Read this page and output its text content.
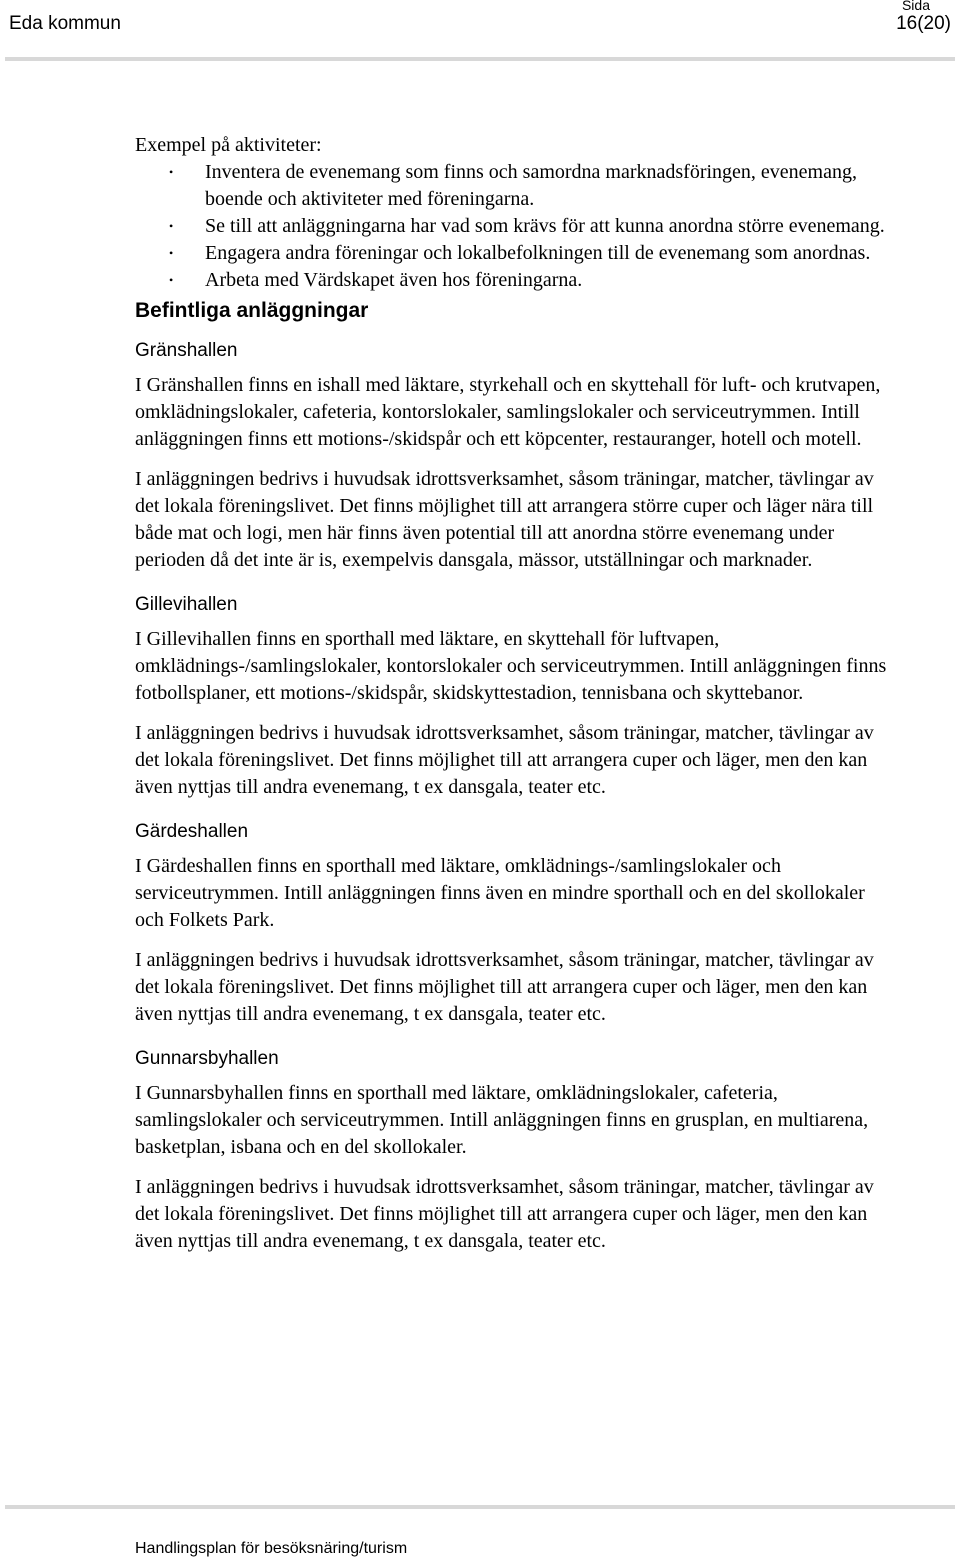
Eda kommun
Sida
16(20)

Exempel på aktiviteter:

• Inventera de evenemang som finns och samordna marknadsföringen, evenemang, boende och aktiviteter med föreningarna.
• Se till att anläggningarna har vad som krävs för att kunna anordna större evenemang.
• Engagera andra föreningar och lokalbefolkningen till de evenemang som anordnas.
• Arbeta med Värdskapet även hos föreningarna.
Befintliga anläggningar
Gränshallen

I Gränshallen finns en ishall med läktare, styrkehall och en skyttehall för luft- och krutvapen, omklädningslokaler, cafeteria, kontorslokaler, samlingslokaler och serviceutrymmen. Intill anläggningen finns ett motions-/skidspår och ett köpcenter, restauranger, hotell och motell.

I anläggningen bedrivs i huvudsak idrottsverksamhet, såsom träningar, matcher, tävlingar av det lokala föreningslivet. Det finns möjlighet till att arrangera större cuper och läger nära till både mat och logi, men här finns även potential till att anordna större evenemang under perioden då det inte är is, exempelvis dansgala, mässor, utställningar och marknader.

Gillevihallen

I Gillevihallen finns en sporthall med läktare, en skyttehall för luftvapen, omklädnings-/samlingslokaler, kontorslokaler och serviceutrymmen. Intill anläggningen finns fotbollsplaner, ett motions-/skidspår, skidskyttestadion, tennisbana och skyttebanor.

I anläggningen bedrivs i huvudsak idrottsverksamhet, såsom träningar, matcher, tävlingar av det lokala föreningslivet. Det finns möjlighet till att arrangera cuper och läger, men den kan även nyttjas till andra evenemang, t ex dansgala, teater etc.

Gärdeshallen

I Gärdeshallen finns en sporthall med läktare, omklädnings-/samlingslokaler och serviceutrymmen. Intill anläggningen finns även en mindre sporthall och en del skollokaler och Folkets Park.

I anläggningen bedrivs i huvudsak idrottsverksamhet, såsom träningar, matcher, tävlingar av det lokala föreningslivet. Det finns möjlighet till att arrangera cuper och läger, men den kan även nyttjas till andra evenemang, t ex dansgala, teater etc.

Gunnarsbyhallen

I Gunnarsbyhallen finns en sporthall med läktare, omklädningslokaler, cafeteria, samlingslokaler och serviceutrymmen. Intill anläggningen finns en grusplan, en multiarena, basketplan, isbana och en del skollokaler.

I anläggningen bedrivs i huvudsak idrottsverksamhet, såsom träningar, matcher, tävlingar av det lokala föreningslivet. Det finns möjlighet till att arrangera cuper och läger, men den kan även nyttjas till andra evenemang, t ex dansgala, teater etc.

Handlingsplan för besöksnäring/turism
